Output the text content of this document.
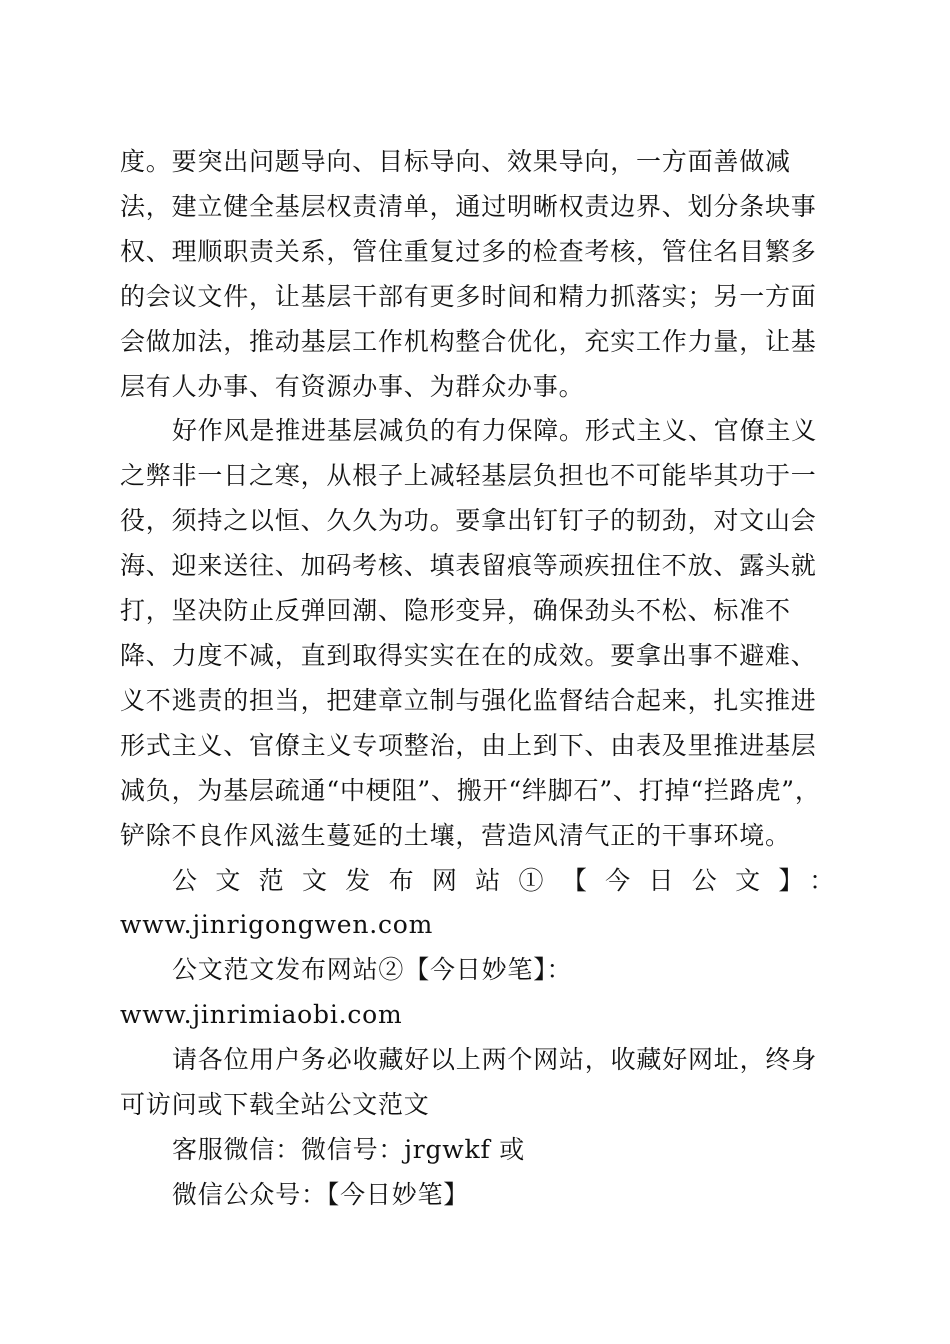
度。要突出问题导向、目标导向、效果导向，一方面善做减法，建立健全基层权责清单，通过明晰权责边界、划分条块事权、理顺职责关系，管住重复过多的检查考核，管住名目繁多的会议文件，让基层干部有更多时间和精力抓落实；另一方面会做加法，推动基层工作机构整合优化，充实工作力量，让基层有人办事、有资源办事、为群众办事。

好作风是推进基层减负的有力保障。形式主义、官僚主义之弊非一日之寒，从根子上减轻基层负担也不可能毕其功于一役，须持之以恒、久久为功。要拿出钉钉子的韧劲，对文山会海、迎来送往、加码考核、填表留痕等顽疾扭住不放、露头就打，坚决防止反弹回潮、隐形变异，确保劲头不松、标准不降、力度不减，直到取得实实在在的成效。要拿出事不避难、义不逃责的担当，把建章立制与强化监督结合起来，扎实推进形式主义、官僚主义专项整治，由上到下、由表及里推进基层减负，为基层疏通“中梗阻”、搬开“绊脚石”、打掉“拦路虎”，铲除不良作风滋生蔓延的土壤，营造风清气正的干事环境。

公文范文发布网站①【今日公文】：

www.jinrigongwen.com

公文范文发布网站②【今日妙笔】：www.jinrimiaobi.com

请各位用户务必收藏好以上两个网站，收藏好网址，终身可访问或下载全站公文范文

客服微信：微信号：jrgwkf 或

微信公众号：【今日妙笔】
